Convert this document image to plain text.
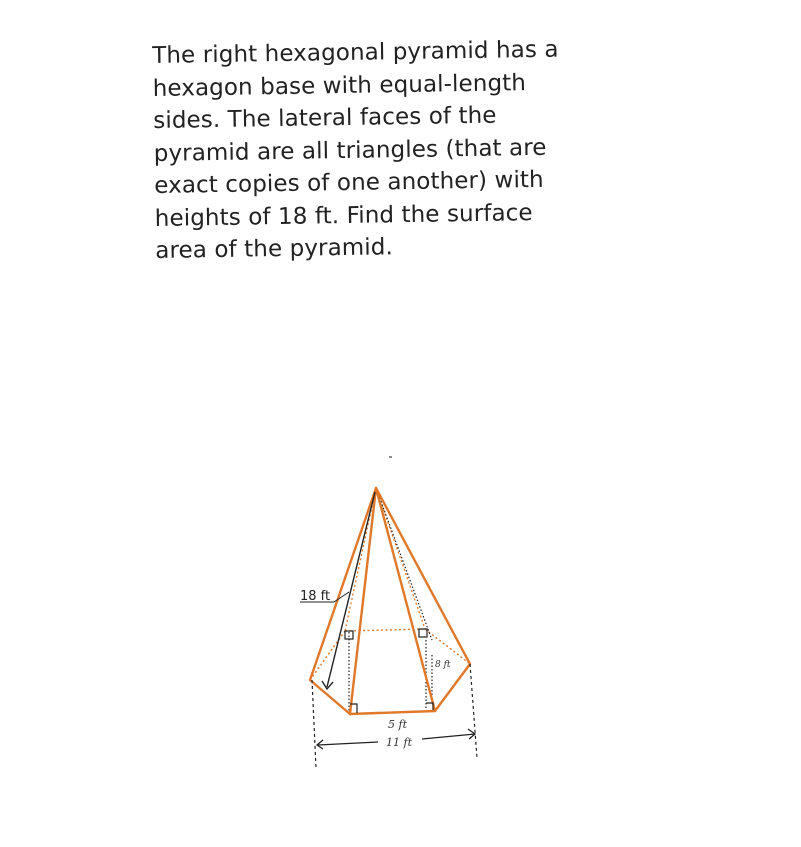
The right hexagonal pyramid has a
hexagon base with equal-length
sides. The lateral faces of the
pyramid are all triangles (that are
exact copies of one another) with
heights of 18 ft. Find the surface
area of the pyramid.
18 ft
8 ft
5 ft
11 ft
